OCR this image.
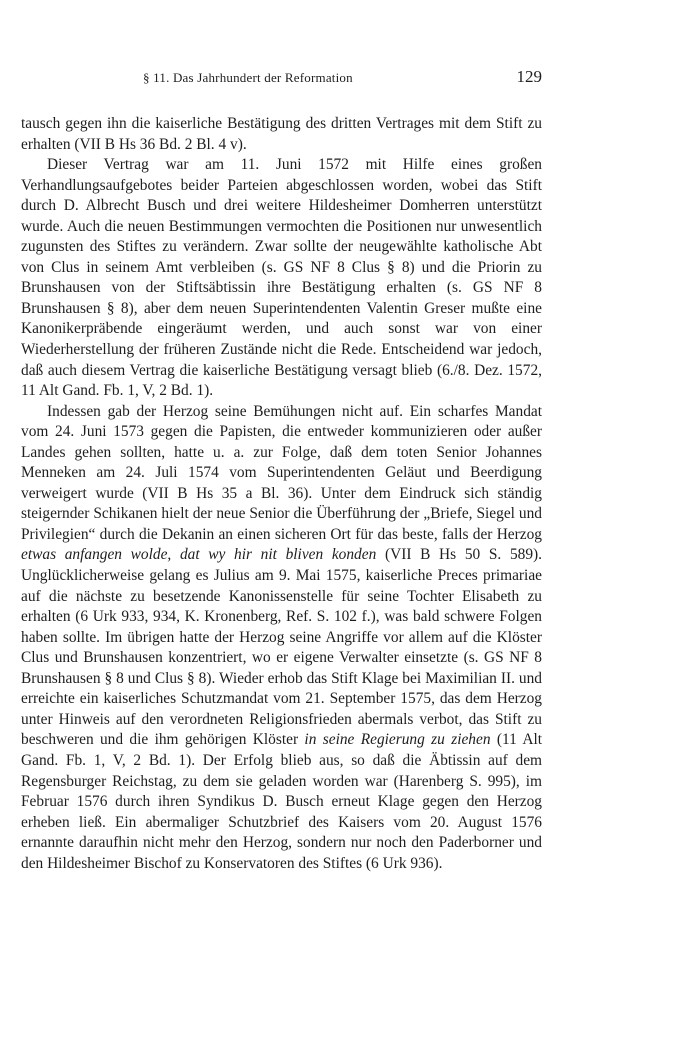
§ 11. Das Jahrhundert der Reformation	129

tausch gegen ihn die kaiserliche Bestätigung des dritten Vertrages mit dem Stift zu erhalten (VII B Hs 36 Bd. 2 Bl. 4 v).

Dieser Vertrag war am 11. Juni 1572 mit Hilfe eines großen Verhandlungsaufgebotes beider Parteien abgeschlossen worden, wobei das Stift durch D. Albrecht Busch und drei weitere Hildesheimer Domherren unterstützt wurde. Auch die neuen Bestimmungen vermochten die Positionen nur unwesentlich zugunsten des Stiftes zu verändern. Zwar sollte der neugewählte katholische Abt von Clus in seinem Amt verbleiben (s. GS NF 8 Clus § 8) und die Priorin zu Brunshausen von der Stiftsäbtissin ihre Bestätigung erhalten (s. GS NF 8 Brunshausen § 8), aber dem neuen Superintendenten Valentin Greser mußte eine Kanonikerpräbende eingeräumt werden, und auch sonst war von einer Wiederherstellung der früheren Zustände nicht die Rede. Entscheidend war jedoch, daß auch diesem Vertrag die kaiserliche Bestätigung versagt blieb (6./8. Dez. 1572, 11 Alt Gand. Fb. 1, V, 2 Bd. 1).

Indessen gab der Herzog seine Bemühungen nicht auf. Ein scharfes Mandat vom 24. Juni 1573 gegen die Papisten, die entweder kommunizieren oder außer Landes gehen sollten, hatte u. a. zur Folge, daß dem toten Senior Johannes Menneken am 24. Juli 1574 vom Superintendenten Geläut und Beerdigung verweigert wurde (VII B Hs 35 a Bl. 36). Unter dem Eindruck sich ständig steigernder Schikanen hielt der neue Senior die Überführung der „Briefe, Siegel und Privilegien“ durch die Dekanin an einen sicheren Ort für das beste, falls der Herzog etwas anfangen wolde, dat wy hir nit bliven konden (VII B Hs 50 S. 589). Unglücklicherweise gelang es Julius am 9. Mai 1575, kaiserliche Preces primariae auf die nächste zu besetzende Kanonissenstelle für seine Tochter Elisabeth zu erhalten (6 Urk 933, 934, K. Kronenberg, Ref. S. 102 f.), was bald schwere Folgen haben sollte. Im übrigen hatte der Herzog seine Angriffe vor allem auf die Klöster Clus und Brunshausen konzentriert, wo er eigene Verwalter einsetzte (s. GS NF 8 Brunshausen § 8 und Clus § 8). Wieder erhob das Stift Klage bei Maximilian II. und erreichte ein kaiserliches Schutzmandat vom 21. September 1575, das dem Herzog unter Hinweis auf den verordneten Religionsfrieden abermals verbot, das Stift zu beschweren und die ihm gehörigen Klöster in seine Regierung zu ziehen (11 Alt Gand. Fb. 1, V, 2 Bd. 1). Der Erfolg blieb aus, so daß die Äbtissin auf dem Regensburger Reichstag, zu dem sie geladen worden war (Harenberg S. 995), im Februar 1576 durch ihren Syndikus D. Busch erneut Klage gegen den Herzog erheben ließ. Ein abermaliger Schutzbrief des Kaisers vom 20. August 1576 ernannte daraufhin nicht mehr den Herzog, sondern nur noch den Paderborner und den Hildesheimer Bischof zu Konservatoren des Stiftes (6 Urk 936).
